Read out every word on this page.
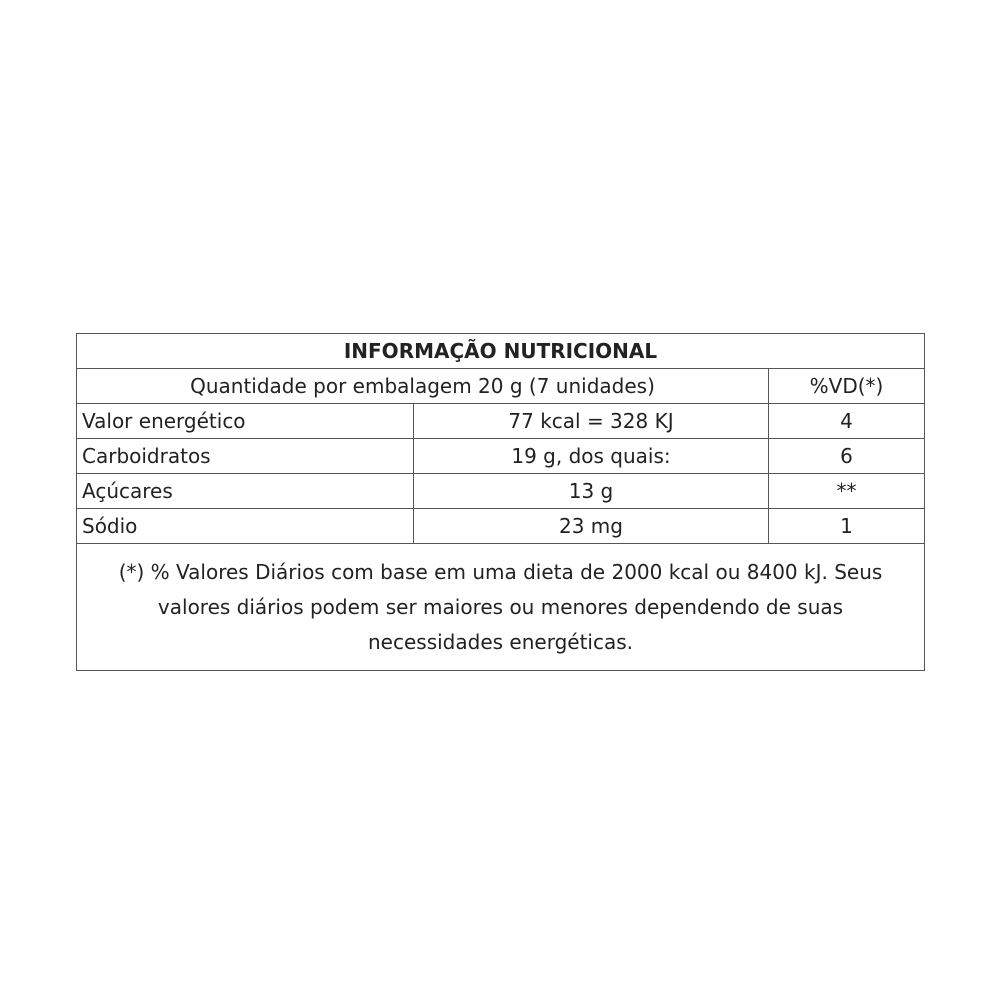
INFORMAÇÃO NUTRICIONAL		
Quantidade por embalagem 20 g (7 unidades)		%VD(*)
Valor energético	77 kcal = 328 KJ	4
Carboidratos	19 g, dos quais:	6
Açúcares	13 g	**
Sódio	23 mg	1
(*) % Valores Diários com base em uma dieta de 2000 kcal ou 8400 kJ. Seus valores diários podem ser maiores ou menores dependendo de suas necessidades energéticas.		
